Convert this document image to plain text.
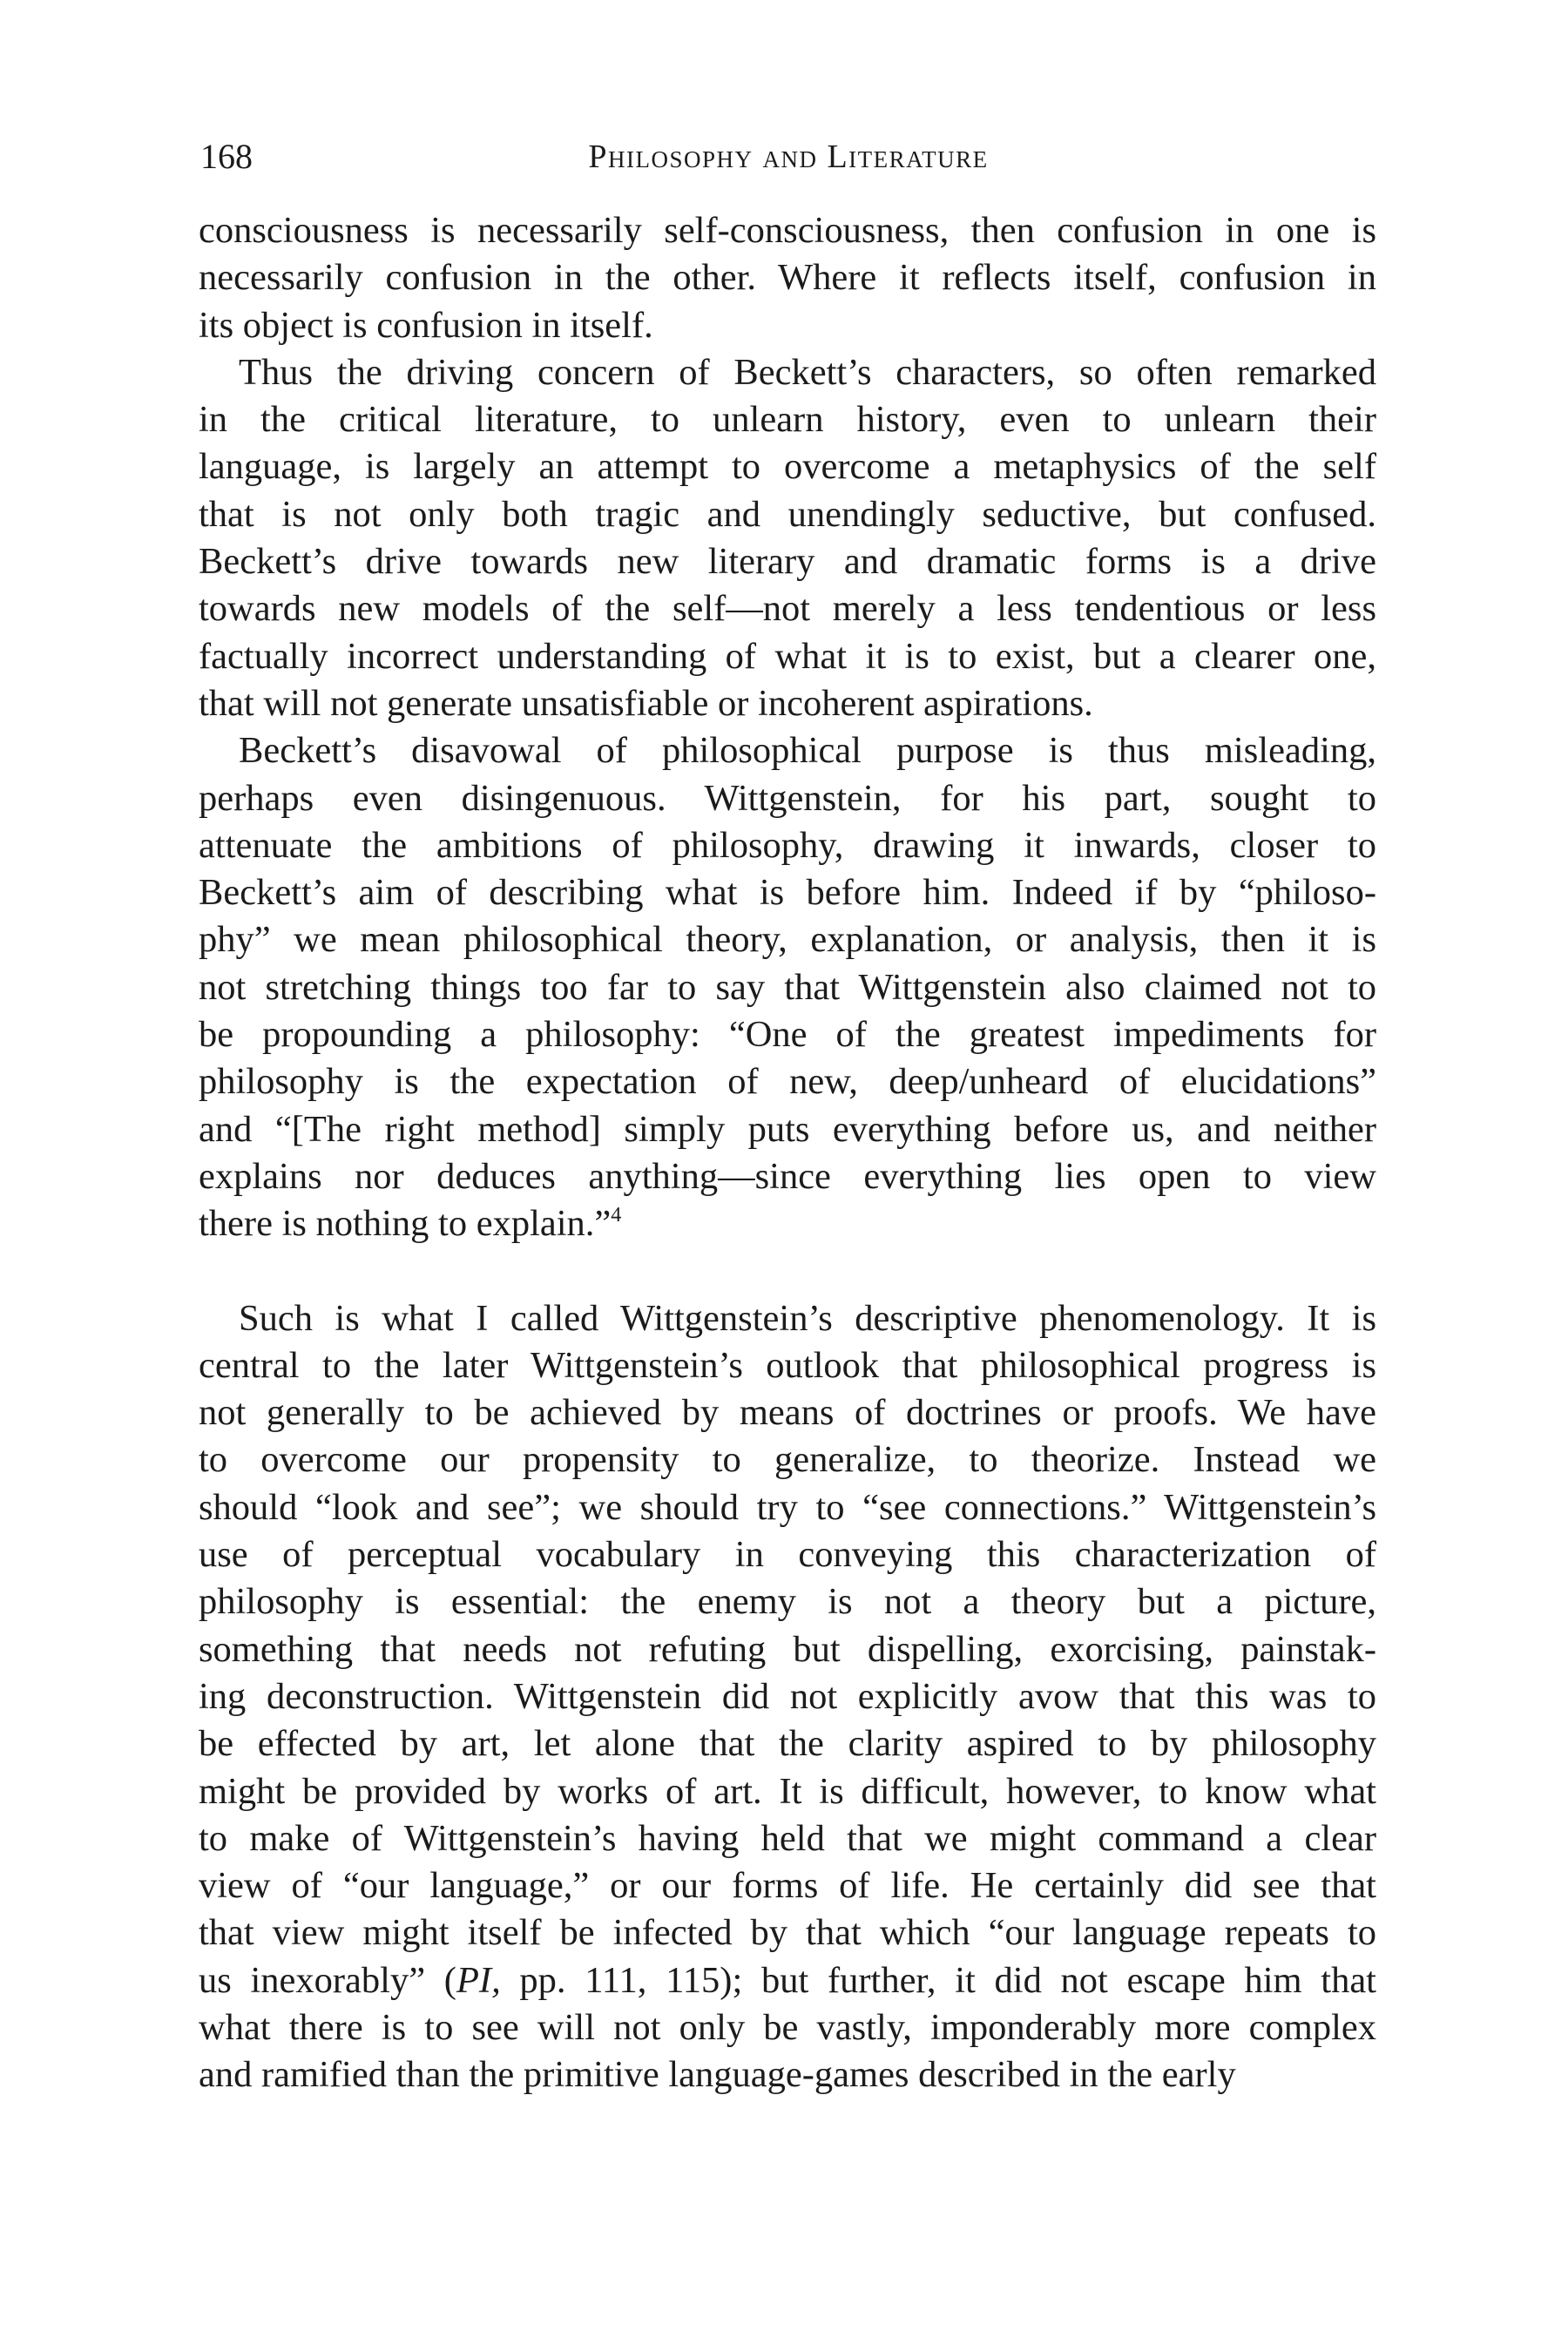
168	Philosophy and Literature
consciousness is necessarily self-consciousness, then confusion in one is
necessarily confusion in the other. Where it reflects itself, confusion in
its object is confusion in itself.
Thus the driving concern of Beckett’s characters, so often remarked
in the critical literature, to unlearn history, even to unlearn their
language, is largely an attempt to overcome a metaphysics of the self
that is not only both tragic and unendingly seductive, but confused.
Beckett’s drive towards new literary and dramatic forms is a drive
towards new models of the self—not merely a less tendentious or less
factually incorrect understanding of what it is to exist, but a clearer one,
that will not generate unsatisfiable or incoherent aspirations.
Beckett’s disavowal of philosophical purpose is thus misleading,
perhaps even disingenuous. Wittgenstein, for his part, sought to
attenuate the ambitions of philosophy, drawing it inwards, closer to
Beckett’s aim of describing what is before him. Indeed if by “philoso-
phy” we mean philosophical theory, explanation, or analysis, then it is
not stretching things too far to say that Wittgenstein also claimed not to
be propounding a philosophy: “One of the greatest impediments for
philosophy is the expectation of new, deep/unheard of elucidations”
and “[The right method] simply puts everything before us, and neither
explains nor deduces anything—since everything lies open to view
there is nothing to explain.”$^4$
Such is what I called Wittgenstein’s descriptive phenomenology. It is
central to the later Wittgenstein’s outlook that philosophical progress is
not generally to be achieved by means of doctrines or proofs. We have
to overcome our propensity to generalize, to theorize. Instead we
should “look and see”; we should try to “see connections.” Wittgenstein’s
use of perceptual vocabulary in conveying this characterization of
philosophy is essential: the enemy is not a theory but a picture,
something that needs not refuting but dispelling, exorcising, painstak-
ing deconstruction. Wittgenstein did not explicitly avow that this was to
be effected by art, let alone that the clarity aspired to by philosophy
might be provided by works of art. It is difficult, however, to know what
to make of Wittgenstein’s having held that we might command a clear
view of “our language,” or our forms of life. He certainly did see that
that view might itself be infected by that which “our language repeats to
us inexorably” (PI, pp. 111, 115); but further, it did not escape him that
what there is to see will not only be vastly, imponderably more complex
and ramified than the primitive language-games described in the early
